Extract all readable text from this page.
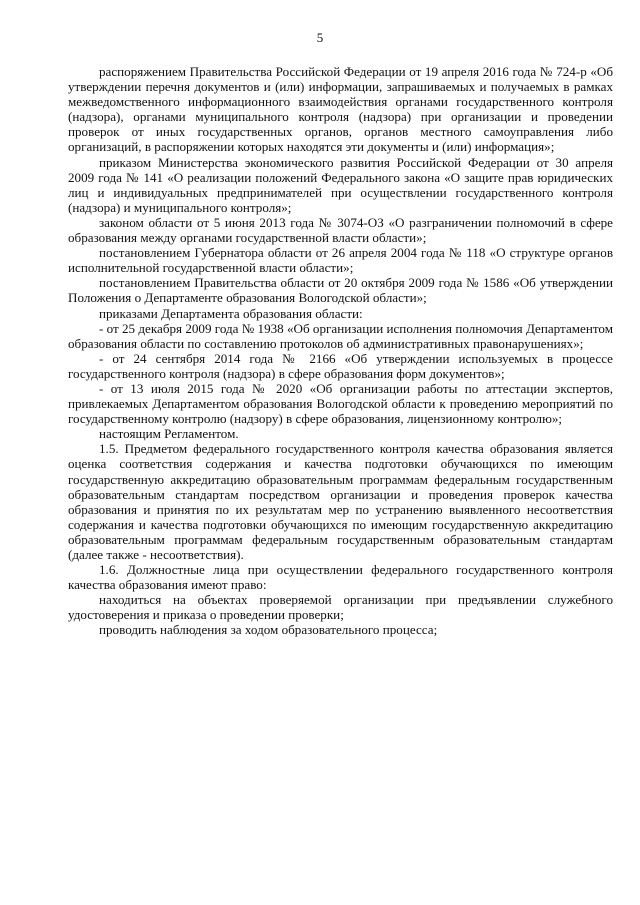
5

распоряжением Правительства Российской Федерации от 19 апреля 2016 года № 724-р «Об утверждении перечня документов и (или) информации, запрашиваемых и получаемых в рамках межведомственного информационного взаимодействия органами государственного контроля (надзора), органами муниципального контроля (надзора) при организации и проведении проверок от иных государственных органов, органов местного самоуправления либо организаций, в распоряжении которых находятся эти документы и (или) информация»;

приказом Министерства экономического развития Российской Федерации от 30 апреля 2009 года № 141 «О реализации положений Федерального закона «О защите прав юридических лиц и индивидуальных предпринимателей при осуществлении государственного контроля (надзора) и муниципального контроля»;

законом области от 5 июня 2013 года № 3074-ОЗ «О разграничении полномочий в сфере образования между органами государственной власти области»;

постановлением Губернатора области от 26 апреля 2004 года № 118 «О структуре органов исполнительной государственной власти области»;

постановлением Правительства области от 20 октября 2009 года № 1586 «Об утверждении Положения о Департаменте образования Вологодской области»;

приказами Департамента образования области:

- от 25 декабря 2009 года № 1938 «Об организации исполнения полномочия Департаментом образования области по составлению протоколов об административных правонарушениях»;

- от 24 сентября 2014 года № 2166 «Об утверждении используемых в процессе государственного контроля (надзора) в сфере образования форм документов»;

- от 13 июля 2015 года № 2020 «Об организации работы по аттестации экспертов, привлекаемых Департаментом образования Вологодской области к проведению мероприятий по государственному контролю (надзору) в сфере образования, лицензионному контролю»;

настоящим Регламентом.

1.5. Предметом федерального государственного контроля качества образования является оценка соответствия содержания и качества подготовки обучающихся по имеющим государственную аккредитацию образовательным программам федеральным государственным образовательным стандартам посредством организации и проведения проверок качества образования и принятия по их результатам мер по устранению выявленного несоответствия содержания и качества подготовки обучающихся по имеющим государственную аккредитацию образовательным программам федеральным государственным образовательным стандартам (далее также - несоответствия).

1.6. Должностные лица при осуществлении федерального государственного контроля качества образования имеют право:

находиться на объектах проверяемой организации при предъявлении служебного удостоверения и приказа о проведении проверки;

проводить наблюдения за ходом образовательного процесса;
